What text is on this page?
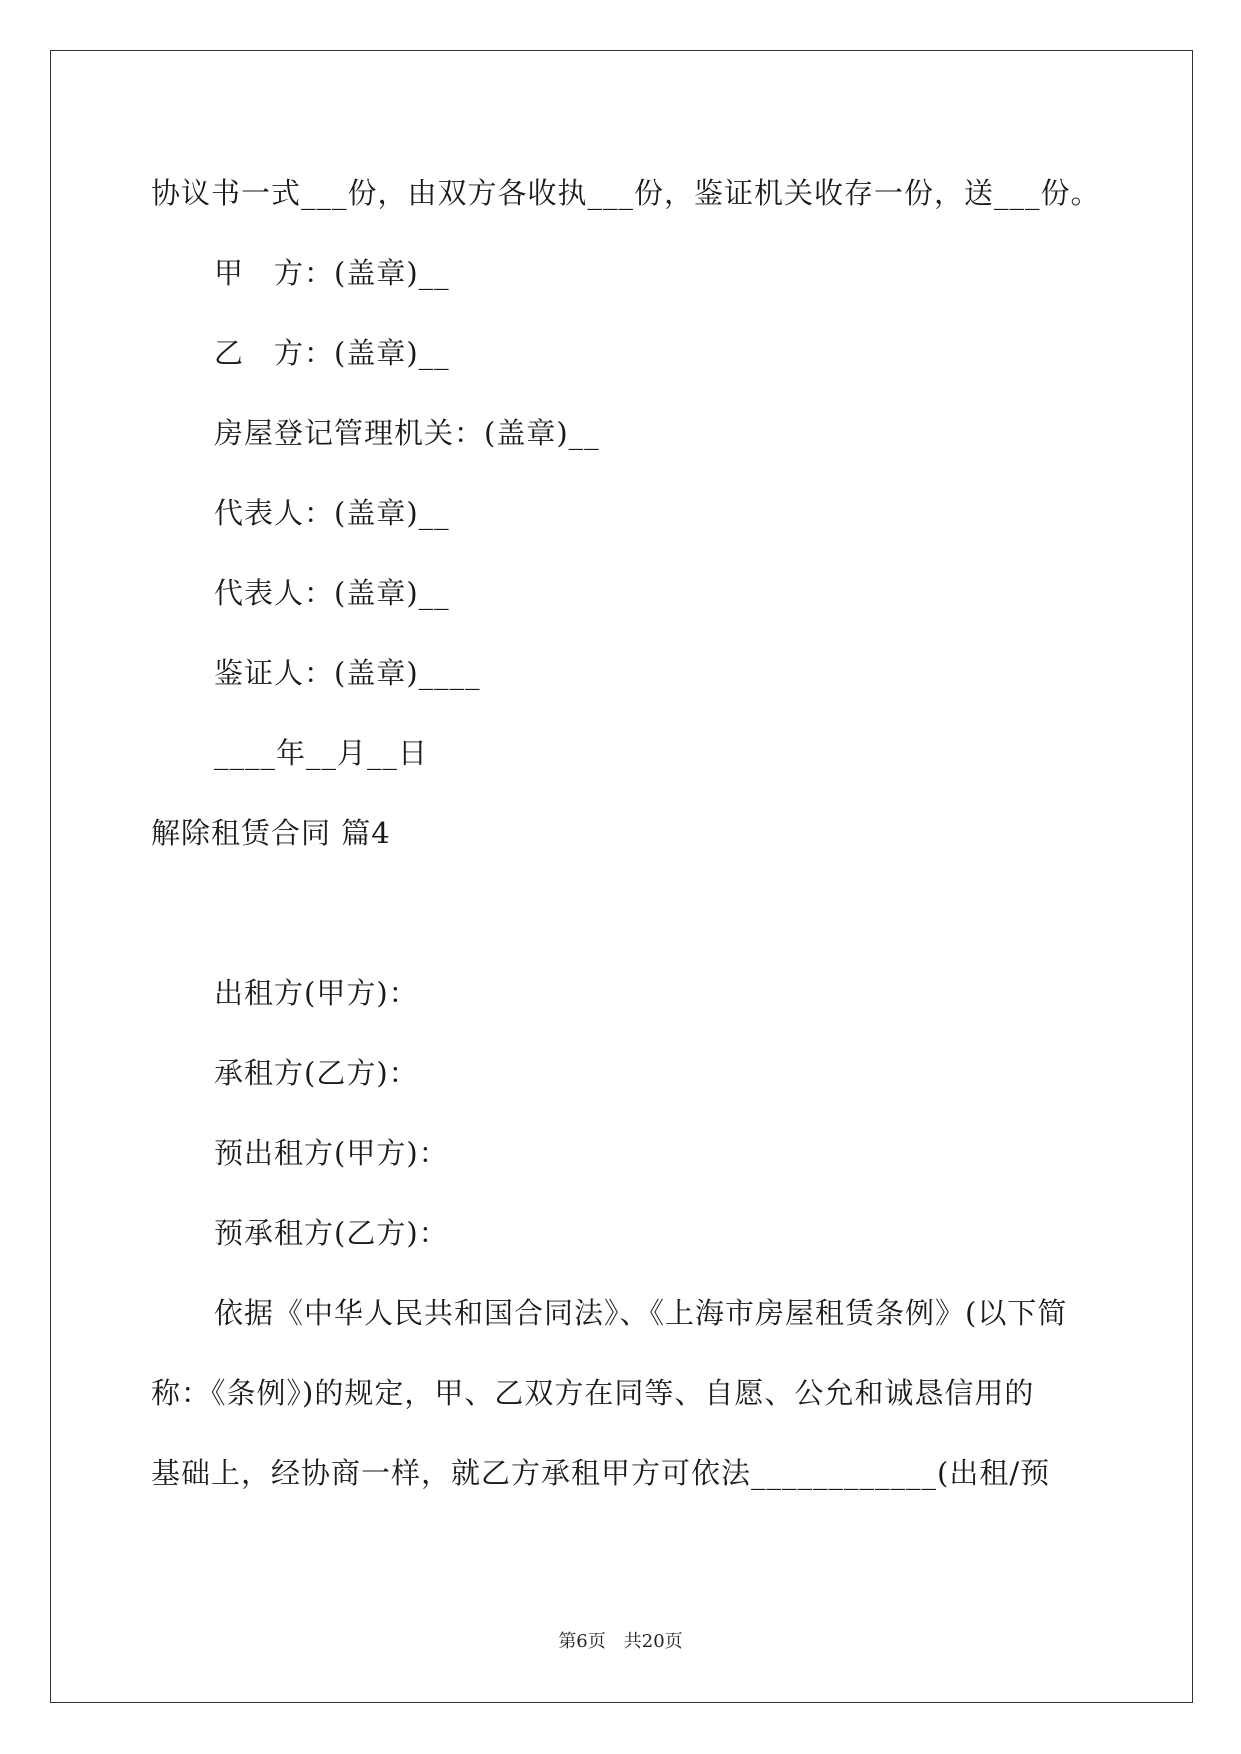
协议书一式___份，由双方各收执___份，鉴证机关收存一份，送___份。
甲　方：(盖章)__
乙　方：(盖章)__
房屋登记管理机关：(盖章)__
代表人：(盖章)__
代表人：(盖章)__
鉴证人：(盖章)____
____年__月__日
解除租赁合同 篇4
出租方(甲方)：
承租方(乙方)：
预出租方(甲方)：
预承租方(乙方)：
依据《中华人民共和国合同法》、《上海市房屋租赁条例》(以下简
称：《条例》)的规定，甲、乙双方在同等、自愿、公允和诚恳信用的
基础上，经协商一样，就乙方承租甲方可依法____________(出租/预
第6页　共20页
